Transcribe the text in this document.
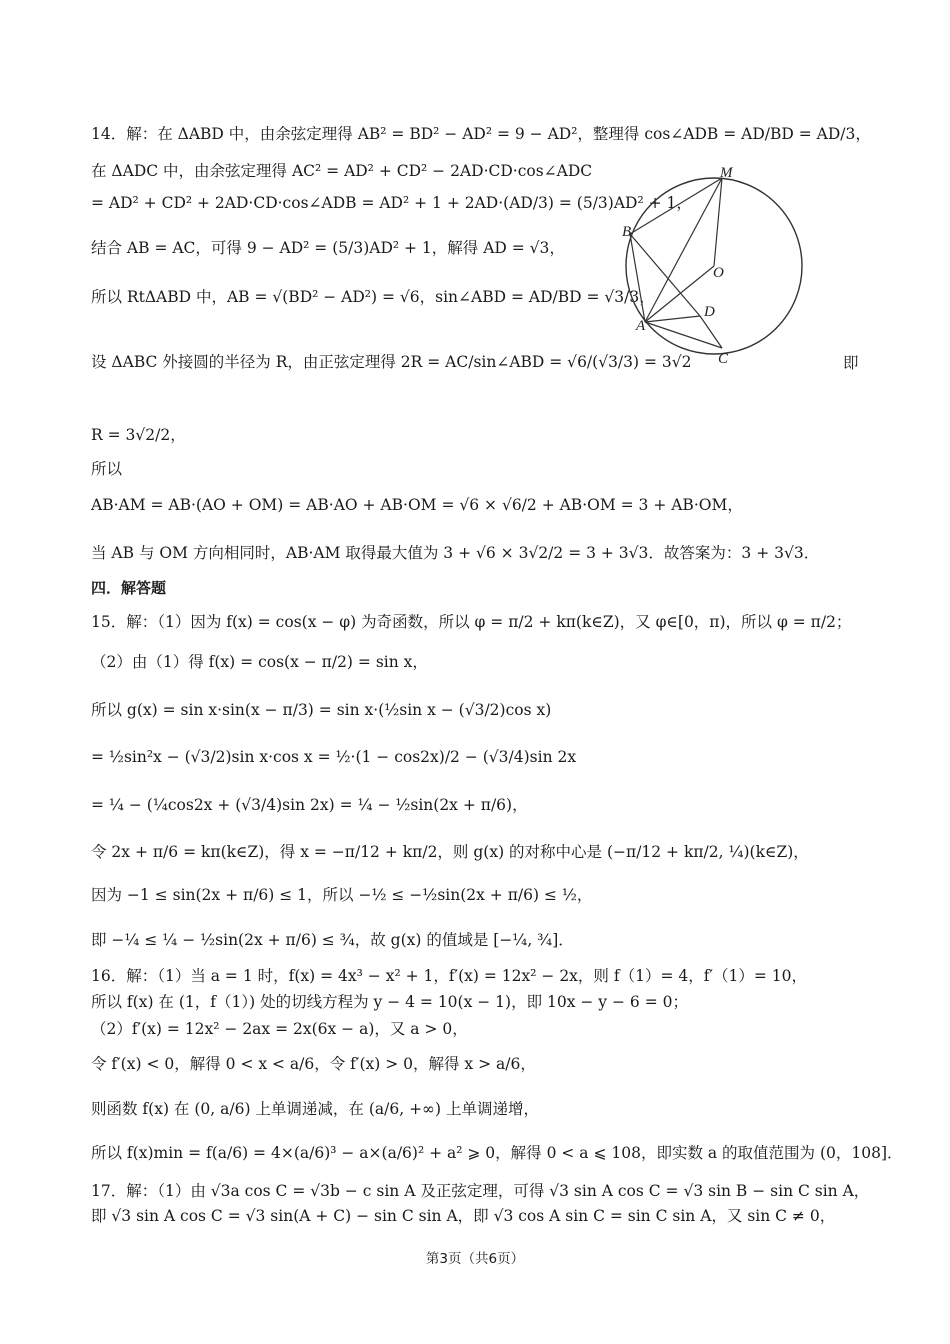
14．解：在 ΔABD 中，由余弦定理得 AB² = BD² − AD² = 9 − AD²，整理得 cos∠ADB = AD/BD = AD/3，
在 ΔADC 中，由余弦定理得 AC² = AD² + CD² − 2AD·CD·cos∠ADC
= AD² + CD² + 2AD·CD·cos∠ADB = AD² + 1 + 2AD·(AD/3) = (5/3)AD² + 1，
结合 AB = AC，可得 9 − AD² = (5/3)AD² + 1，解得 AD = √3，
所以 RtΔABD 中，AB = √(BD² − AD²) = √6，sin∠ABD = AD/BD = √3/3，
设 ΔABC 外接圆的半径为 R，由正弦定理得 2R = AC/sin∠ABD = √6/(√3/3) = 3√2	即
R = 3√2/2，
所以
AB·AM = AB·(AO + OM) = AB·AO + AB·OM = √6 × √6/2 + AB·OM = 3 + AB·OM，
当 AB 与 OM 方向相同时，AB·AM 取得最大值为 3 + √6 × 3√2/2 = 3 + 3√3．故答案为：3 + 3√3．
四．解答题
15．解：（1）因为 f(x) = cos(x − φ) 为奇函数，所以 φ = π/2 + kπ(k∈Z)，又 φ∈[0，π)，所以 φ = π/2；
（2）由（1）得 f(x) = cos(x − π/2) = sin x，
所以 g(x) = sin x·sin(x − π/3) = sin x·(½sin x − (√3/2)cos x)
= ½sin²x − (√3/2)sin x·cos x = ½·(1 − cos2x)/2 − (√3/4)sin 2x
= ¼ − (¼cos2x + (√3/4)sin 2x) = ¼ − ½sin(2x + π/6)，
令 2x + π/6 = kπ(k∈Z)，得 x = −π/12 + kπ/2，则 g(x) 的对称中心是 (−π/12 + kπ/2, ¼)(k∈Z)，
因为 −1 ≤ sin(2x + π/6) ≤ 1，所以 −½ ≤ −½sin(2x + π/6) ≤ ½，
即 −¼ ≤ ¼ − ½sin(2x + π/6) ≤ ¾，故 g(x) 的值域是 [−¼, ¾]．
16．解：（1）当 a = 1 时，f(x) = 4x³ − x² + 1，f′(x) = 12x² − 2x，则 f（1）= 4，f′（1）= 10，
所以 f(x) 在 (1，f（1）) 处的切线方程为 y − 4 = 10(x − 1)，即 10x − y − 6 = 0；
（2）f′(x) = 12x² − 2ax = 2x(6x − a)，又 a > 0，
令 f′(x) < 0，解得 0 < x < a/6，令 f′(x) > 0，解得 x > a/6，
则函数 f(x) 在 (0, a/6) 上单调递减，在 (a/6, +∞) 上单调递增，
所以 f(x)min = f(a/6) = 4×(a/6)³ − a×(a/6)² + a² ⩾ 0，解得 0 < a ⩽ 108，即实数 a 的取值范围为 (0，108]．
17．解：（1）由 √3a cos C = √3b − c sin A 及正弦定理，可得 √3 sin A cos C = √3 sin B − sin C sin A，
即 √3 sin A cos C = √3 sin(A + C) − sin C sin A，即 √3 cos A sin C = sin C sin A，又 sin C ≠ 0，
M
B
O
D
A
C
第3页（共6页）
